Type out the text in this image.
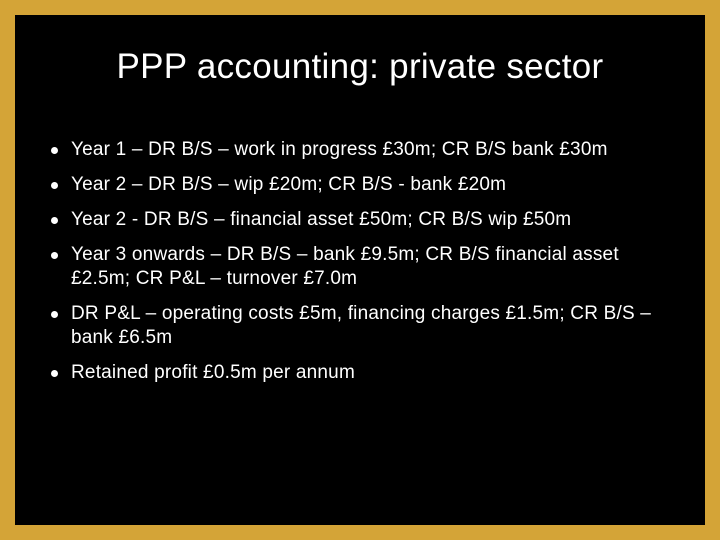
PPP accounting: private sector
Year 1 – DR B/S – work in progress £30m; CR B/S bank £30m
Year 2 – DR B/S – wip £20m; CR B/S - bank £20m
Year 2 - DR B/S – financial asset £50m; CR B/S wip £50m
Year 3 onwards – DR B/S – bank £9.5m; CR B/S financial asset £2.5m; CR P&L – turnover £7.0m
DR P&L – operating costs £5m, financing charges £1.5m; CR B/S – bank £6.5m
Retained profit £0.5m per annum
